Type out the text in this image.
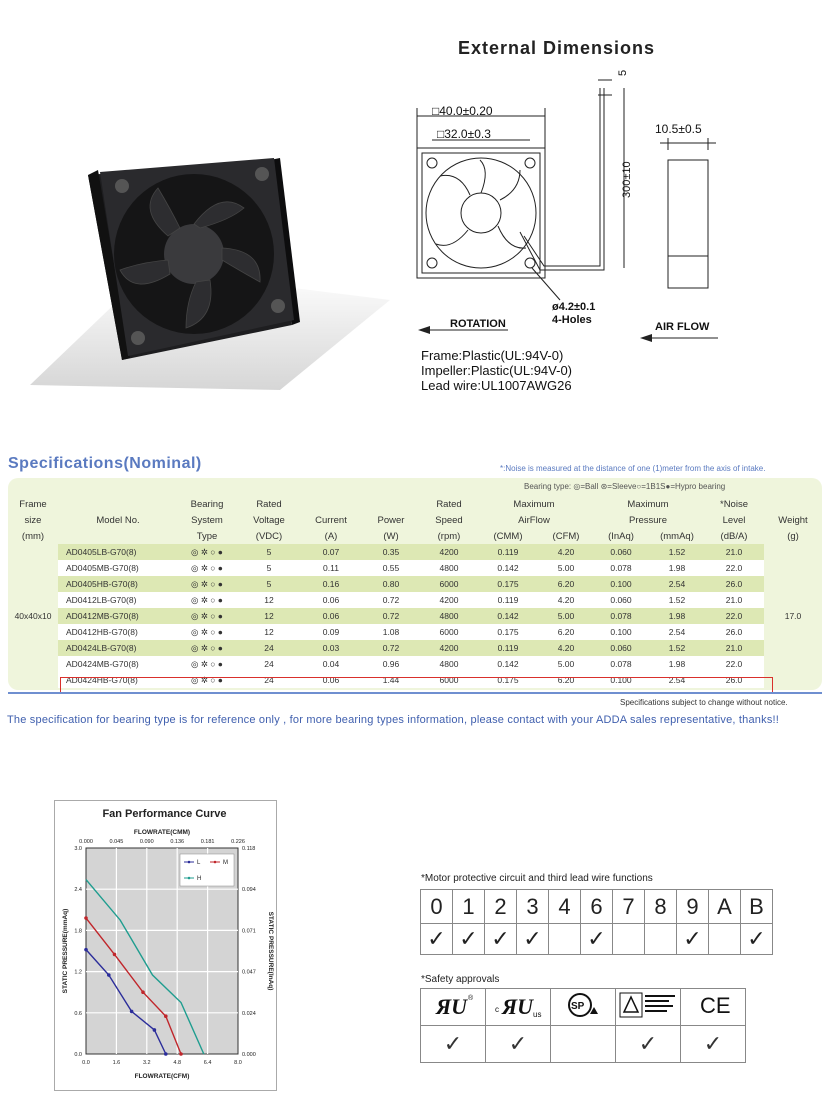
External Dimensions
□40.0±0.20
□32.0±0.3	10.5±0.5
300±10
5
ø4.2±0.1
4-Holes
ROTATION	AIR FLOW
Frame:Plastic(UL:94V-0)
Impeller:Plastic(UL:94V-0)
Lead wire:UL1007AWG26
Specifications(Nominal)	*:Noise is measured at the distance of one (1)meter from the axis of intake.
Bearing type: ◎=Ball ⊛=Sleeve○=1B1S●=Hypro bearing
Frame		Bearing	Rated			Rated	Maximum		Maximum		*Noise	
size	Model No.	System	Voltage	Current	Power	Speed	AirFlow		Pressure		Level	Weight
(mm)		Type	(VDC)	(A)	(W)	(rpm)	(CMM)	(CFM)	(InAq)	(mmAq)	(dB/A)	(g)
40x40x10	AD0405LB-G70(8)	◎ ✲ ○ ●	5	0.07	0.35	4200	0.119	4.20	0.060	1.52	21.0	17.0
	AD0405MB-G70(8)	◎ ✲ ○ ●	5	0.11	0.55	4800	0.142	5.00	0.078	1.98	22.0	
	AD0405HB-G70(8)	◎ ✲ ○ ●	5	0.16	0.80	6000	0.175	6.20	0.100	2.54	26.0	
	AD0412LB-G70(8)	◎ ✲ ○ ●	12	0.06	0.72	4200	0.119	4.20	0.060	1.52	21.0	
	AD0412MB-G70(8)	◎ ✲ ○ ●	12	0.06	0.72	4800	0.142	5.00	0.078	1.98	22.0	
	AD0412HB-G70(8)	◎ ✲ ○ ●	12	0.09	1.08	6000	0.175	6.20	0.100	2.54	26.0	
	AD0424LB-G70(8)	◎ ✲ ○ ●	24	0.03	0.72	4200	0.119	4.20	0.060	1.52	21.0	
	AD0424MB-G70(8)	◎ ✲ ○ ●	24	0.04	0.96	4800	0.142	5.00	0.078	1.98	22.0	
	AD0424HB-G70(8)	◎ ✲ ○ ●	24	0.06	1.44	6000	0.175	6.20	0.100	2.54	26.0	
Specifications subject to change without notice.
The specification for bearing type is for reference only , for more bearing types information, please contact with your ADDA sales representative, thanks!!
Fan Performance Curve
0.0	1.6	3.2	4.8	6.4	8.0
0.000	0.045	0.090	0.136	0.181	0.226
0.0
0.6
1.2
1.8
2.4
3.0
0.000
0.024
0.047
0.071
0.094
0.118
FLOWRATE(CFM)
FLOWRATE(CMM)
STATIC PRESSURE(mmAq)	STATIC PRESSURE(InAq)
L	M
H	*Motor protective circuit and third lead wire functions
0	1	2	3	4	6	7	8	9	A	B
✓	✓	✓	✓		✓			✓		✓
*Safety approvals
ЯU ®	c ЯU us	SP		CE

✓	✓		✓	✓
